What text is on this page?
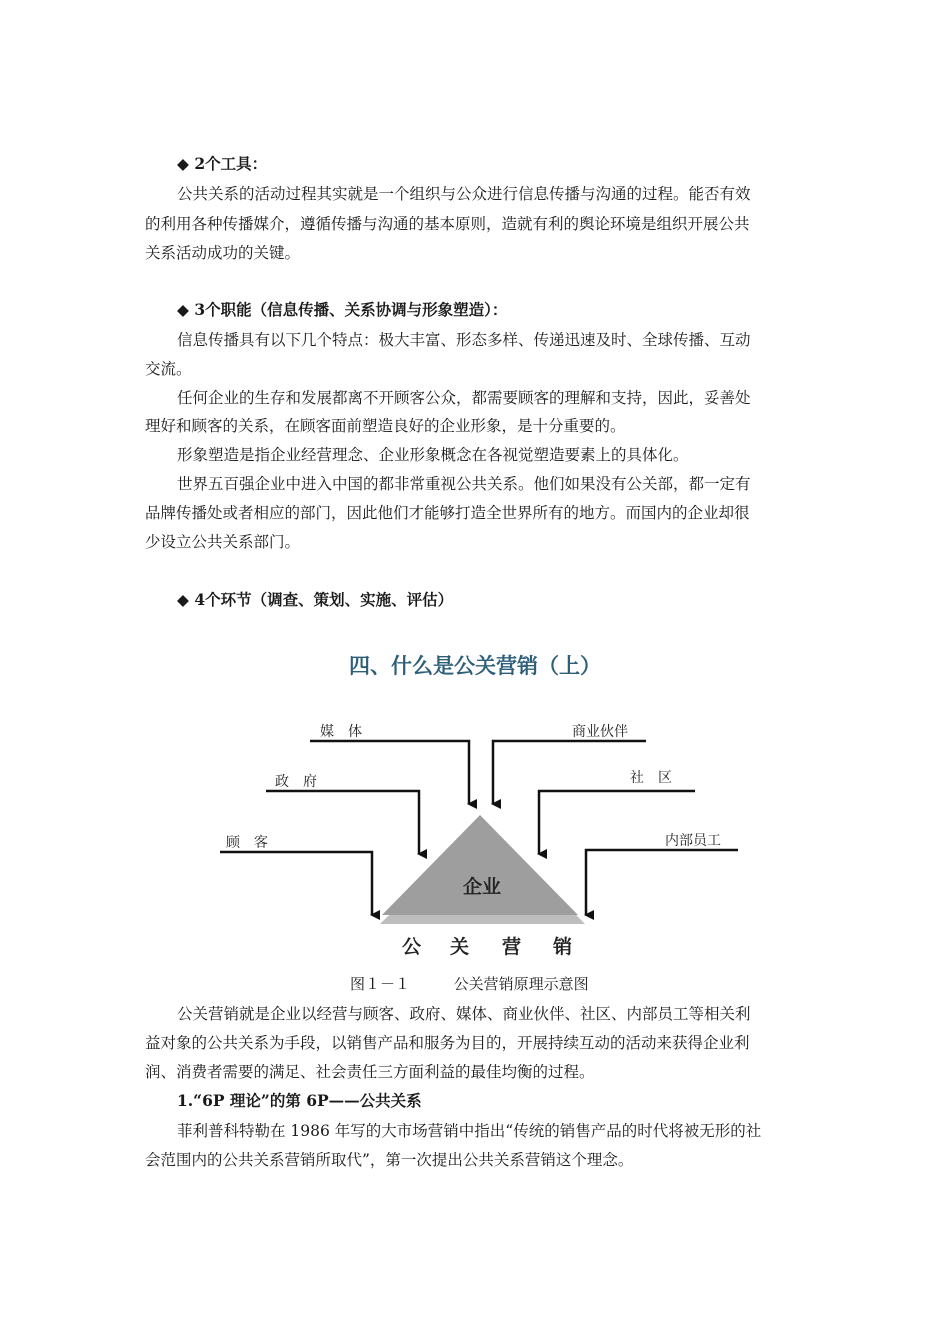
◆ 2个工具：
公共关系的活动过程其实就是一个组织与公众进行信息传播与沟通的过程。能否有效
的利用各种传播媒介，遵循传播与沟通的基本原则，造就有利的舆论环境是组织开展公共
关系活动成功的关键。
◆ 3个职能（信息传播、关系协调与形象塑造）：
信息传播具有以下几个特点：极大丰富、形态多样、传递迅速及时、全球传播、互动
交流。
任何企业的生存和发展都离不开顾客公众，都需要顾客的理解和支持，因此，妥善处
理好和顾客的关系，在顾客面前塑造良好的企业形象，是十分重要的。
形象塑造是指企业经营理念、企业形象概念在各视觉塑造要素上的具体化。
世界五百强企业中进入中国的都非常重视公共关系。他们如果没有公关部，都一定有
品牌传播处或者相应的部门，因此他们才能够打造全世界所有的地方。而国内的企业却很
少设立公共关系部门。
◆ 4个环节（调查、策划、实施、评估）
四、什么是公关营销（上）
企业
媒　体
政　府
顾　客
商业伙伴
社　区
内部员工
公 关 营 销
图１－１	公关营销原理示意图
公关营销就是企业以经营与顾客、政府、媒体、商业伙伴、社区、内部员工等相关利
益对象的公共关系为手段，以销售产品和服务为目的，开展持续互动的活动来获得企业利
润、消费者需要的满足、社会责任三方面利益的最佳均衡的过程。
1.“6P 理论”的第 6P——公共关系
菲利普科特勒在 1986 年写的大市场营销中指出“传统的销售产品的时代将被无形的社
会范围内的公共关系营销所取代”，第一次提出公共关系营销这个理念。
